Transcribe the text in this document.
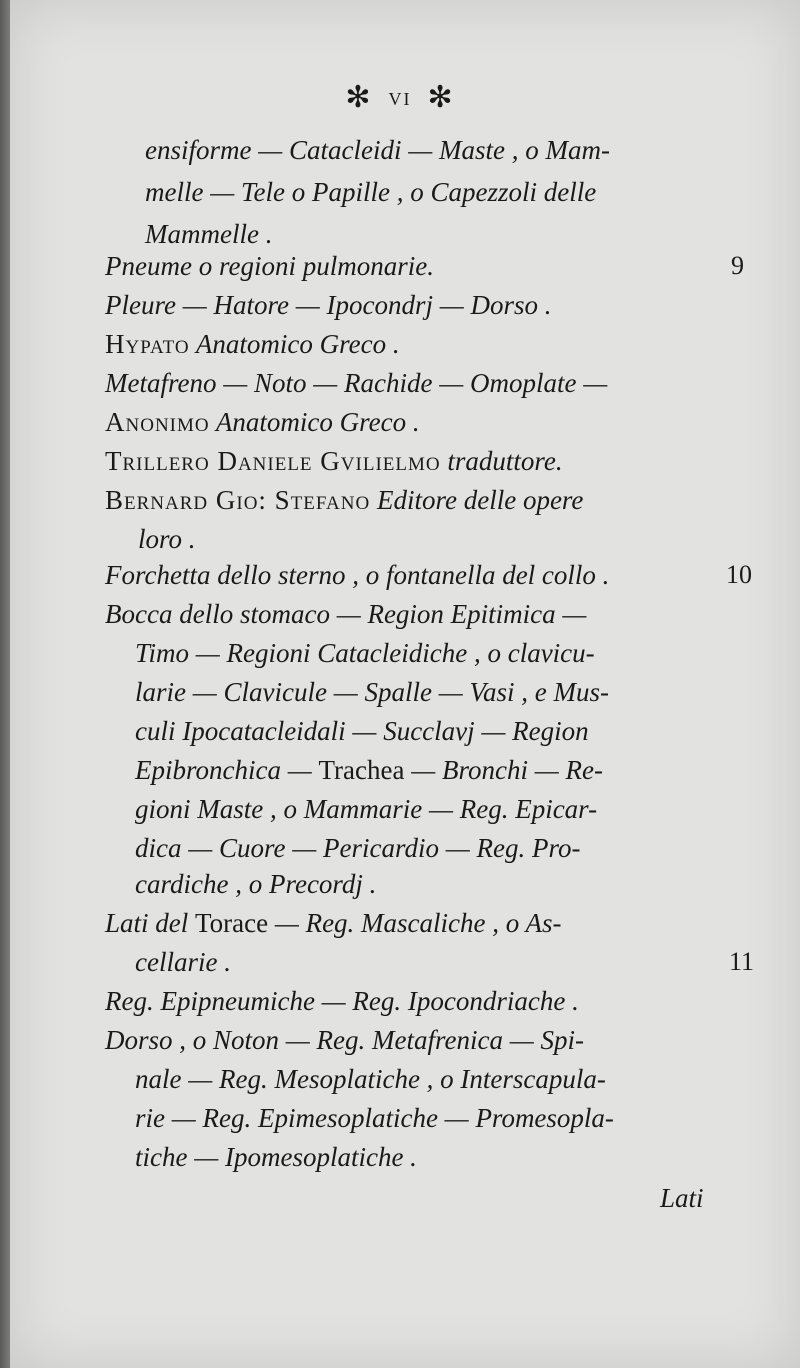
✻ VI ✻
ensiforme — Catacleidi — Maste , o Mam-
melle — Tele o Papille , o Capezzoli delle
Mammelle .
Pneume o regioni pulmonarie.
Pleure — Hatore — Ipocondrj — Dorso .
Hypato Anatomico Greco .
Metafreno — Noto — Rachide — Omoplate —
Anonimo Anatomico Greco .
Trillero Daniele Gvilielmo traduttore.
Bernard Gio: Stefano Editore delle opere
loro .
Forchetta dello sterno , o fontanella del collo .
Bocca dello stomaco — Region Epitimica —
Timo — Regioni Catacleidiche , o clavicu-
larie — Clavicule — Spalle — Vasi , e Mus-
culi Ipocatacleidali — Succlavj — Region
Epibronchica — Trachea — Bronchi — Re-
gioni Maste , o Mammarie — Reg. Epicar-
dica — Cuore — Pericardio — Reg. Pro-
cardiche , o Precordj .
Lati del Torace — Reg. Mascaliche , o As-
cellarie .
Reg. Epipneumiche — Reg. Ipocondriache .
Dorso , o Noton — Reg. Metafrenica — Spi-
nale — Reg. Mesoplatiche , o Interscapula-
rie — Reg. Epimesoplatiche — Promesopla-
tiche — Ipomesoplatiche .
9
10
11
Lati
